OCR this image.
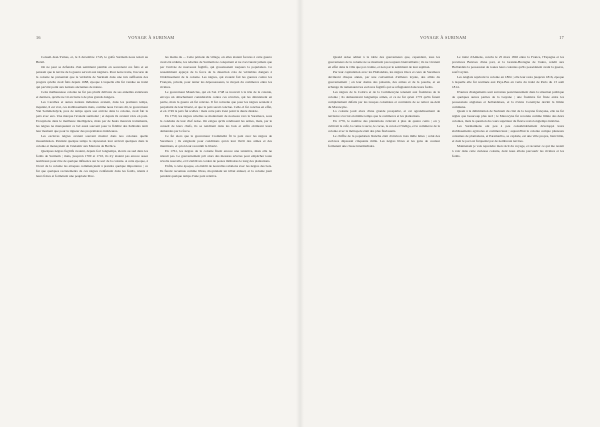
16	VOYAGE À SURINAM

Conseil-Jean-Ysmes, et, le 6 décembre 1743, le golfe Surinam nous tenait au Brésil.

On ne peut se défendre d'un sentiment pénible en souvenant ces faits et en pensant que le navire de la guerre servait aux négriers. Pour notre traite, l'escorte de la colonie ne présentait que le véritable de Surinam dans une très suffisante des progrès qu'elle avait faits depuis 1688, époque à laquelle elle fut vendue au traité qui parvint point aux nations anciennes de nature.

Cette malheureuse colonie ne fut pas plutôt délivrée de ses ennemis extérieurs et derniers, qu'elle ne vit en butte à de plus grands dangers.

Les Caraïbes et autres nations indiennes avaient, dans les premiers temps, inquiété, il est vrai, ces établissements mais, comme nous l'avons dit, le gouverneur Van Sommelsdyck, pres de temps après son arrivée dans la colonie, avait fait la paix avec eux. Une marque l'avaient surmonté ; et depuis ils avaient vécu en paix. Exceptions dans le meilleure intelligence, mais par de hauts mauvais traitements, les nègres ne manquaient ce bel aussi souvent pour la fidélité des habitants tenir leur moment que pour la rigueur des propriétaires intérieures.

Les esclaves nègres avaient souvent montré dans nos colonies quelle insoumission. Pendant quelque temps la répression leur arrivait quelques dans la colonie et menaçaient de l'anéantir aux Marrons de Berbice.

Quelques négres fugitifs avaient, depuis fort longtemps, élevés au sud dans les forêts de Surinam ; mais, jusqu'en 1700 et 1710, ils n'y étaient pas encore assez nombreux pour être de quelque influence sur le sort de la colonie. A cette époque, à l'écart de la colonie les attaques commençaient à prendre quelque importance ; ce fut que quelques recrutements de ces nègres s'enfuirent dans les forêts, réunis à leurs frères et formèrent une peuplade libre.

les mains du ... Cette période du village, où elles étaient forcées à cette guerre avait été réduite, les rebelles de Surinam ne conquirent et ne s'accrurent jamais que par l'arrivée de nouveaux fugitifs, qui grossissaient toujours la population. Ce ressentiment appuyé de la force de la désertion créa de véritables dangers à l'établissement de la colonie. Les nègres, qui avaient fait les guerres contre les Français, prirent, pour tenter les dépossesseurs, le moyen du commerce entre les rivières.

Le gouverneur Mauricius, qui en l'an 1748 se trouvait à la tête de la colonie, envoya un détachement considérable contre ces révoltés, qui les détruisirent en partie, mais la guerre en fut relevée. Il fut convenu que pour les nègres seraient à perpétuité de leur liberté, et que la paix serait conclue. Celle-ci fut conclue en effet, et en 1749 la paix fut scellée : mais cette paix n'eut point la durée désirée.

En 1750, les nègres rebelles se montrèrent de nouveau vers la Saramaca, sous la conduite de leur chef Adoe. On exigea qu'ils rendissent les armes, mais, par le conseil de leurs chefs, ils se rendirent dans les bois et enfin obtinrent leurs demandes par la force.

Ce fut alors que le gouverneur Crommelin fit la paix avec les nègres de Saramaca ; ils exigèrent pour conditions qu'on leur livrât des armes et des munitions, et qu'on leur reconnût la liberté.

En 1761, les nègres de la colonie firent encore une tentative, mais elle ne réussit pas. Le gouvernement prit alors des mesures sévères pour empêcher toute révolte nouvelle, et il établit un cordon de postes militaires le long des plantations.

Enfin, à cette époque, on établit de nouvelles relations avec les nègres des bois. Ils furent reconnus comme libres, moyennant un tribut annuel, et la colonie jouit pendant quelque temps d'une paix relative.

VOYAGE À SURINAM	17

Quand Adoe admet à la table des gouverneurs que, cependant, tous les gouverneurs de la colonie ne se montrent pas toujours bienveillants ; ils ne vivaient en effet dans la ville que par crainte, et non par le sentiment de leur sujétion.

Par leur capitulation avec les Hollandais, les nègres Ouca et ceux de Saramaca devinrent chaque année, par une convention d'ailleurs loyale, des alliés du gouvernement ; on leur donna des présents, des armes et de la poudre, et en échange ils ramenaient les esclaves fugitifs qui se réfugiaient dans leurs forêts.

Les nègres de la Cottica et de la Commewyne tenaient aux frontières de la colonie ; ils demeurèrent longtemps armés, et ce ne fut qu'en 1772 qu'ils furent complètement défaits par les troupes coloniales et contraints de se retirer au-delà du Marowyne.

La colonie jouit alors d'une grande prospérité, et cet agrandissement de territoire s'accrut en même temps que le commerce et les plantations.

En 1776, le nombre des plantations s'élevait à plus de quatre cents ; on y cultivait le café, la canne à sucre, le cacao, le coton et l'indigo, et le commerce de la colonie avec la métropole était des plus florissants.

Le chiffre de la population blanche était d'environ trois mille âmes ; celui des esclaves dépassait cinquante mille. Les nègres libres et les gens de couleur formaient une classe intermédiaire.

Le traité d'Amiens, conclu le 25 mars 1802 entre la France, l'Espagne et les provinces Bataves d'une part, et la Grande-Bretagne de l'autre, rendit aux Hollandais la possession de toutes leurs colonies qu'ils possédaient avant la guerre, sauf Ceylan.

Les Anglais reprirent la colonie en 1804 ; elle leur resta jusqu'en 1816, époque à laquelle elle fut restituée aux Pays-Bas en vertu du traité de Paris du 13 août 1814.

D'autres changements sont survenus postérieurement dans la situation politique de quelques autres parties de la Guyane ; une frontière fut fixée entre les possessions anglaises et hollandaises, et la rivière Corentyne devint la limite commune.

Quant à la délimitation de Surinam du côté de la Guyane française, elle ne fut réglée que beaucoup plus tard ; le Marowyne fut reconnu comme limite des deux colonies, mais la question du cours supérieur du fleuve resta longtemps indécise.

Les Surinamiens ont peu à peu considérablement développé leurs établissements agricoles et commerciaux ; aujourd'hui la colonie compte plusieurs centaines de plantations, et Paramaribo, sa capitale, est une ville propre, bien bâtie, et dont le port est fréquenté par de nombreux navires.

Maintenant je vais reprendre mon récit du voyage, et raconter ce qui me restait à voir dans cette curieuse colonie, dont nous allons parcourir les rivières et les forêts.
